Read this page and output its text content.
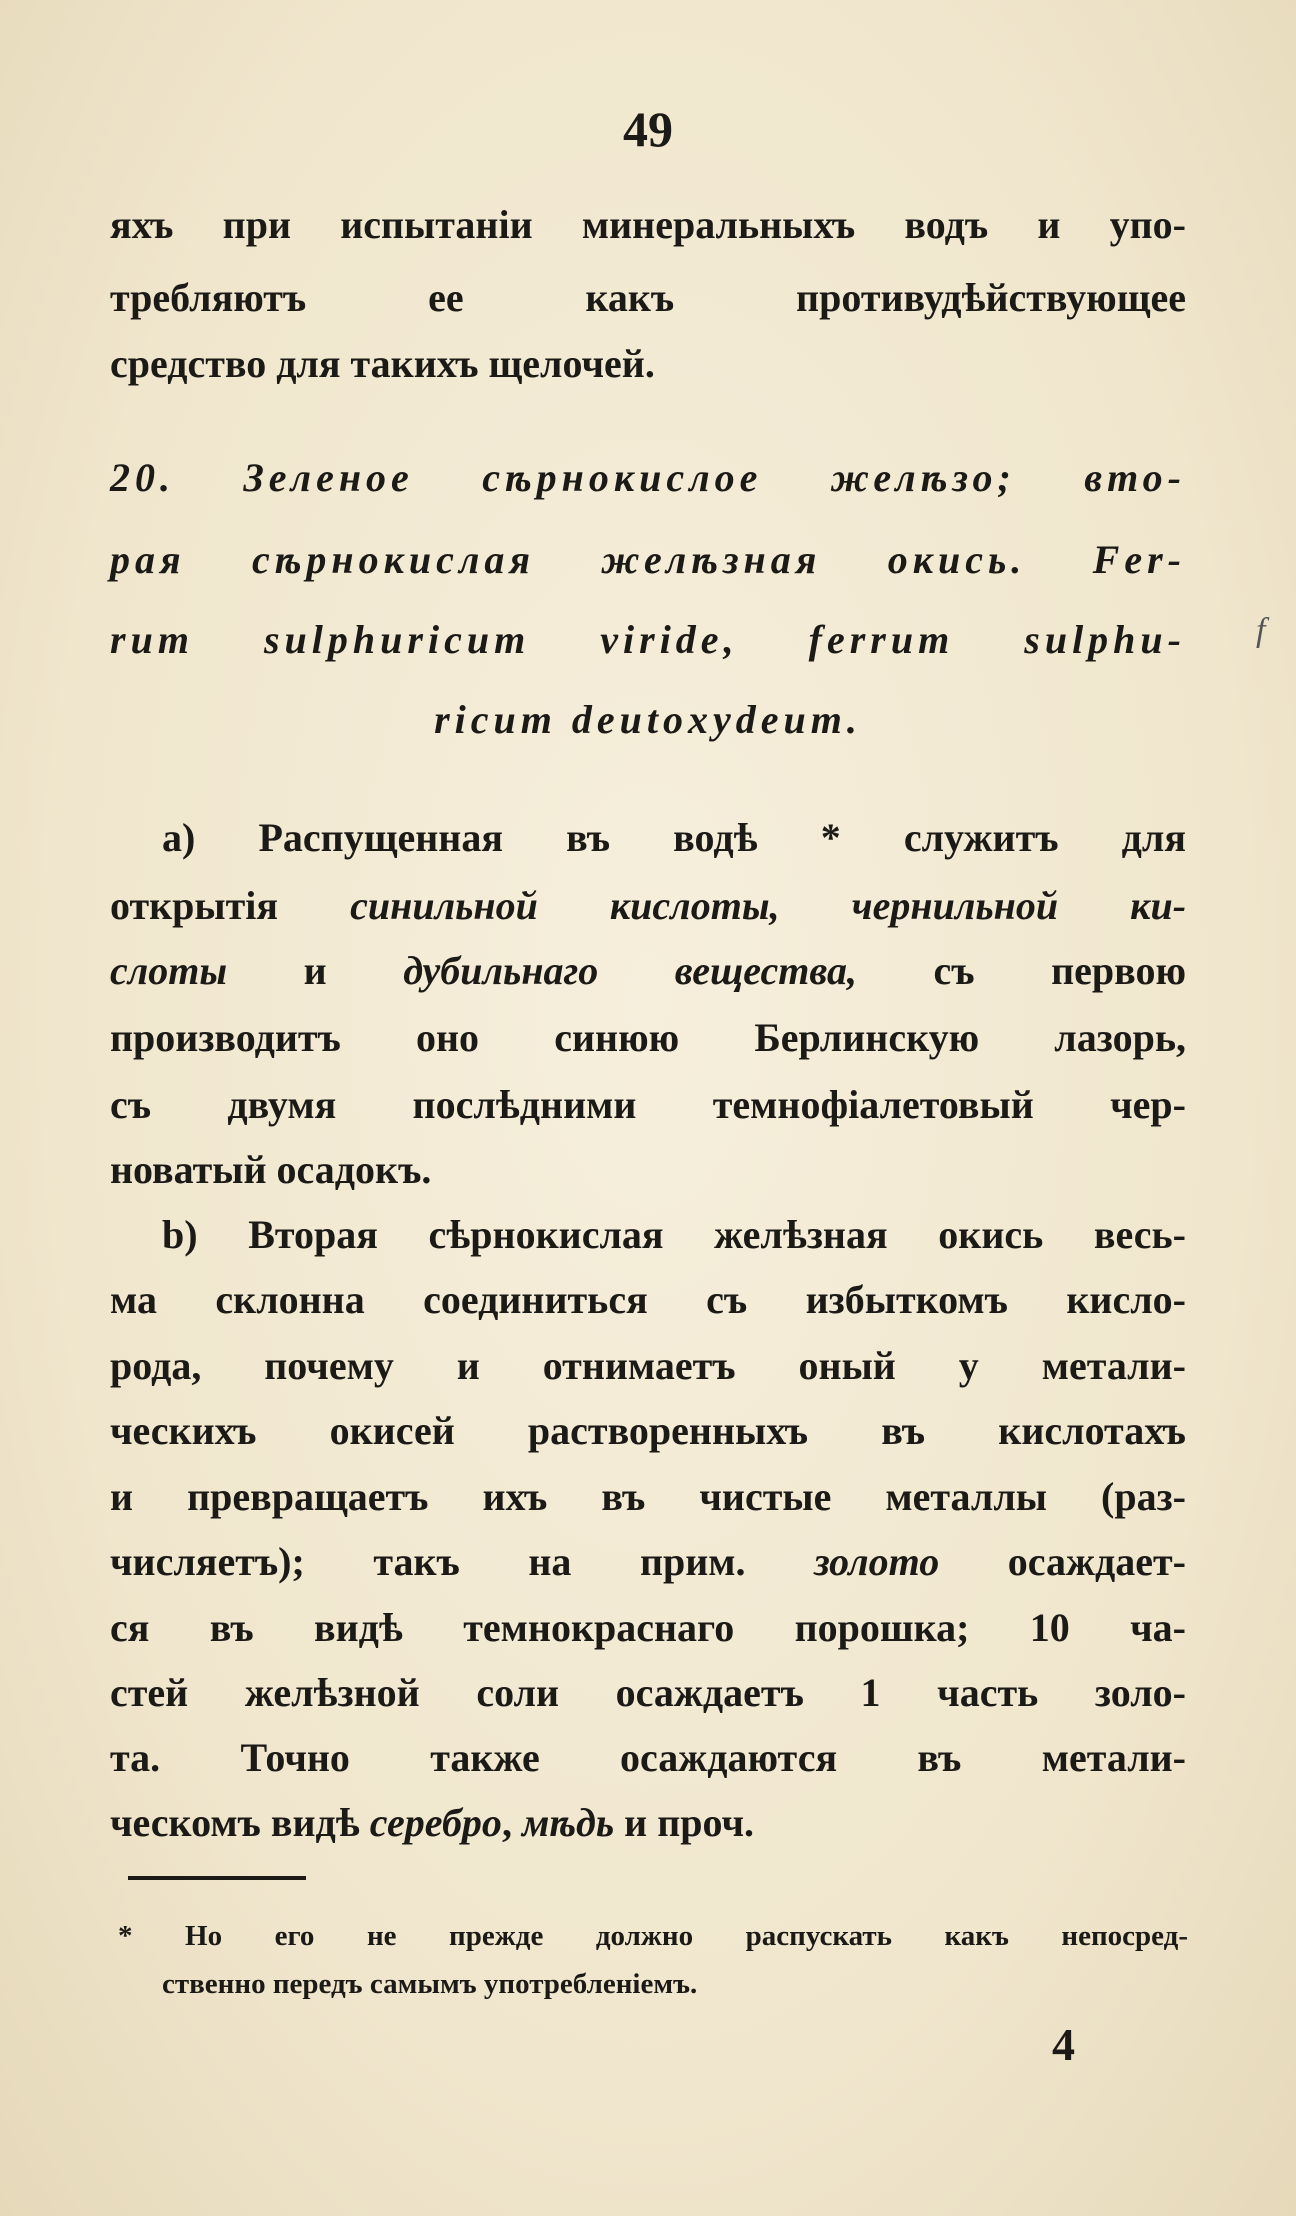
49
яхъ при испытаніи минеральныхъ водъ и упо-
требляютъ ее какъ противудѣйствующее
средство для такихъ щелочей.
20. Зеленое сѣрнокислое желѣзо; вто-
рая сѣрнокислая желѣзная окись. Fer-
rum sulphuricum viride, ferrum sulphu-
ricum deutoxydeum.
a) Распущенная въ водѣ * служитъ для
открытія синильной кислоты, чернильной ки-
слоты и дубильнаго вещества, съ первою
производитъ оно синюю Берлинскую лазорь,
съ двумя послѣдними темнофіалетовый чер-
новатый осадокъ.
b) Вторая сѣрнокислая желѣзная окись весь-
ма склонна соединиться съ избыткомъ кисло-
рода, почему и отнимаетъ оный у метали-
ческихъ окисей растворенныхъ въ кислотахъ
и превращаетъ ихъ въ чистые металлы (раз-
числяетъ); такъ на прим. золото осаждает-
ся въ видѣ темнокраснаго порошка; 10 ча-
стей желѣзной соли осаждаетъ 1 часть золо-
та. Точно также осаждаются въ метали-
ческомъ видѣ серебро, мѣдь и проч.
* Но его не прежде должно распускать какъ непосред-
ственно передъ самымъ употребленіемъ.
4
f
